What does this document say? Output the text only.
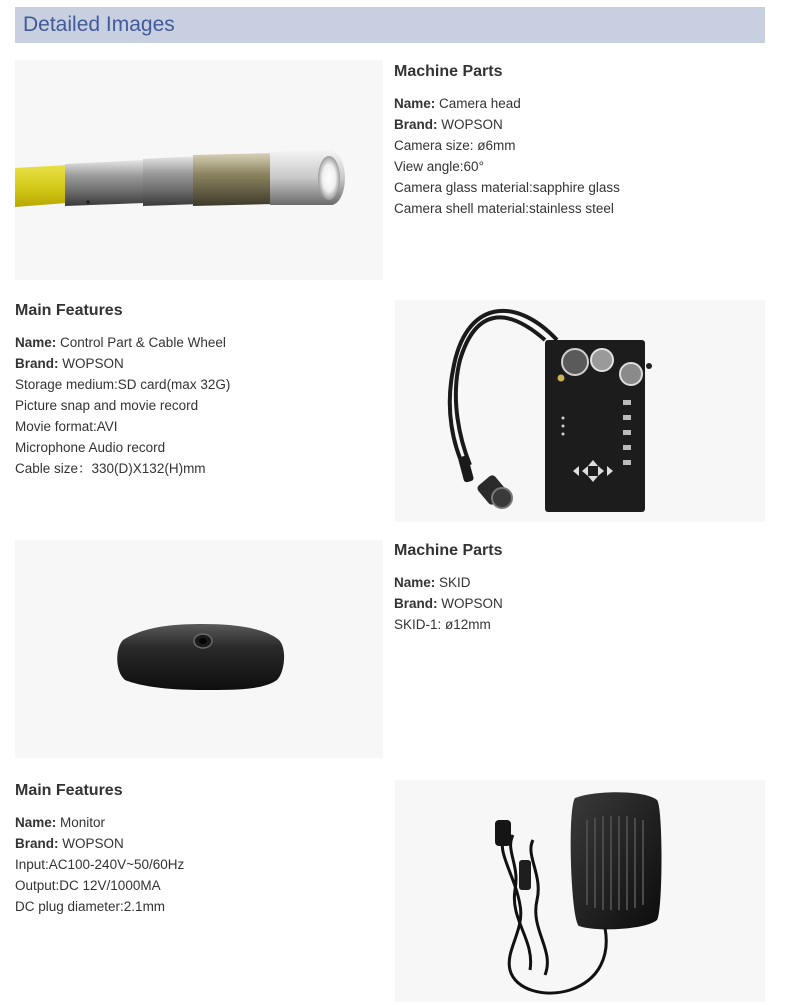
Detailed Images
Machine Parts
Name: Camera head
Brand: WOPSON
Camera size: ø6mm
View angle:60°
Camera glass material:sapphire glass
Camera shell material:stainless steel
Main Features
Name: Control Part & Cable Wheel
Brand: WOPSON
Storage medium:SD card(max 32G)
Picture snap and movie record
Movie format:AVI
Microphone Audio record
Cable size：330(D)X132(H)mm
Machine Parts
Name: SKID
Brand: WOPSON
SKID-1: ø12mm
Main Features
Name: Monitor
Brand: WOPSON
Input:AC100-240V~50/60Hz
Output:DC 12V/1000MA
DC plug diameter:2.1mm
